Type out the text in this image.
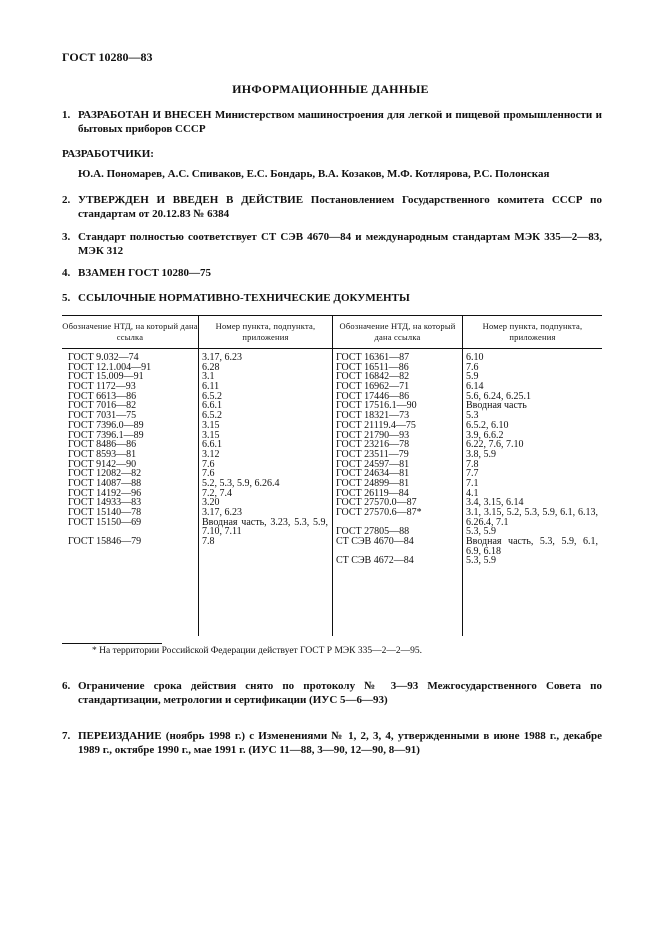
ГОСТ 10280—83
ИНФОРМАЦИОННЫЕ ДАННЫЕ
1. РАЗРАБОТАН И ВНЕСЕН Министерством машиностроения для легкой и пищевой промышленности и бытовых приборов СССР
РАЗРАБОТЧИКИ:
Ю.А. Пономарев, А.С. Спиваков, Е.С. Бондарь, В.А. Козаков, М.Ф. Котлярова, Р.С. Полонская
2. УТВЕРЖДЕН И ВВЕДЕН В ДЕЙСТВИЕ Постановлением Государственного комитета СССР по стандартам от 20.12.83 № 6384
3. Стандарт полностью соответствует СТ СЭВ 4670—84 и международным стандартам МЭК 335—2—83, МЭК 312
4. ВЗАМЕН ГОСТ 10280—75
5. ССЫЛОЧНЫЕ НОРМАТИВНО-ТЕХНИЧЕСКИЕ ДОКУМЕНТЫ
Обозначение НТД, на который дана ссылка
Номер пункта, подпункта, приложения
Обозначение НТД, на который дана ссылка
Номер пункта, подпункта, приложения
ГОСТ 9.032—74
ГОСТ 12.1.004—91
ГОСТ 15.009—91
ГОСТ 1172—93
ГОСТ 6613—86
ГОСТ 7016—82
ГОСТ 7031—75
ГОСТ 7396.0—89
ГОСТ 7396.1—89
ГОСТ 8486—86
ГОСТ 8593—81
ГОСТ 9142—90
ГОСТ 12082—82
ГОСТ 14087—88
ГОСТ 14192—96
ГОСТ 14933—83
ГОСТ 15140—78
ГОСТ 15150—69
ГОСТ 15846—79
3.17, 6.23
6.28
3.1
6.11
6.5.2
6.6.1
6.5.2
3.15
3.15
6.6.1
3.12
7.6
7.6
5.2, 5.3, 5.9, 6.26.4
7.2, 7.4
3.20
3.17, 6.23
Вводная часть, 3.23, 5.3, 5.9, 7.10, 7.11
7.8
ГОСТ 16361—87
ГОСТ 16511—86
ГОСТ 16842—82
ГОСТ 16962—71
ГОСТ 17446—86
ГОСТ 17516.1—90
ГОСТ 18321—73
ГОСТ 21119.4—75
ГОСТ 21790—93
ГОСТ 23216—78
ГОСТ 23511—79
ГОСТ 24597—81
ГОСТ 24634—81
ГОСТ 24899—81
ГОСТ 26119—84
ГОСТ 27570.0—87
ГОСТ 27570.6—87*
ГОСТ 27805—88
СТ СЭВ 4670—84
СТ СЭВ 4672—84
6.10
7.6
5.9
6.14
5.6, 6.24, 6.25.1
Вводная часть
5.3
6.5.2, 6.10
3.9, 6.6.2
6.22, 7.6, 7.10
3.8, 5.9
7.8
7.7
7.1
4.1
3.4, 3.15, 6.14
3.1, 3.15, 5.2, 5.3, 5.9, 6.1, 6.13, 6.26.4, 7.1
5.3, 5.9
Вводная часть, 5.3, 5.9, 6.1, 6.9, 6.18
5.3, 5.9
* На территории Российской Федерации действует ГОСТ Р МЭК 335—2—2—95.
6. Ограничение срока действия снято по протоколу № 3—93 Межгосударственного Совета по стандартизации, метрологии и сертификации (ИУС 5—6—93)
7. ПЕРЕИЗДАНИЕ (ноябрь 1998 г.) с Изменениями № 1, 2, 3, 4, утвержденными в июне 1988 г., декабре 1989 г., октябре 1990 г., мае 1991 г. (ИУС 11—88, 3—90, 12—90, 8—91)
